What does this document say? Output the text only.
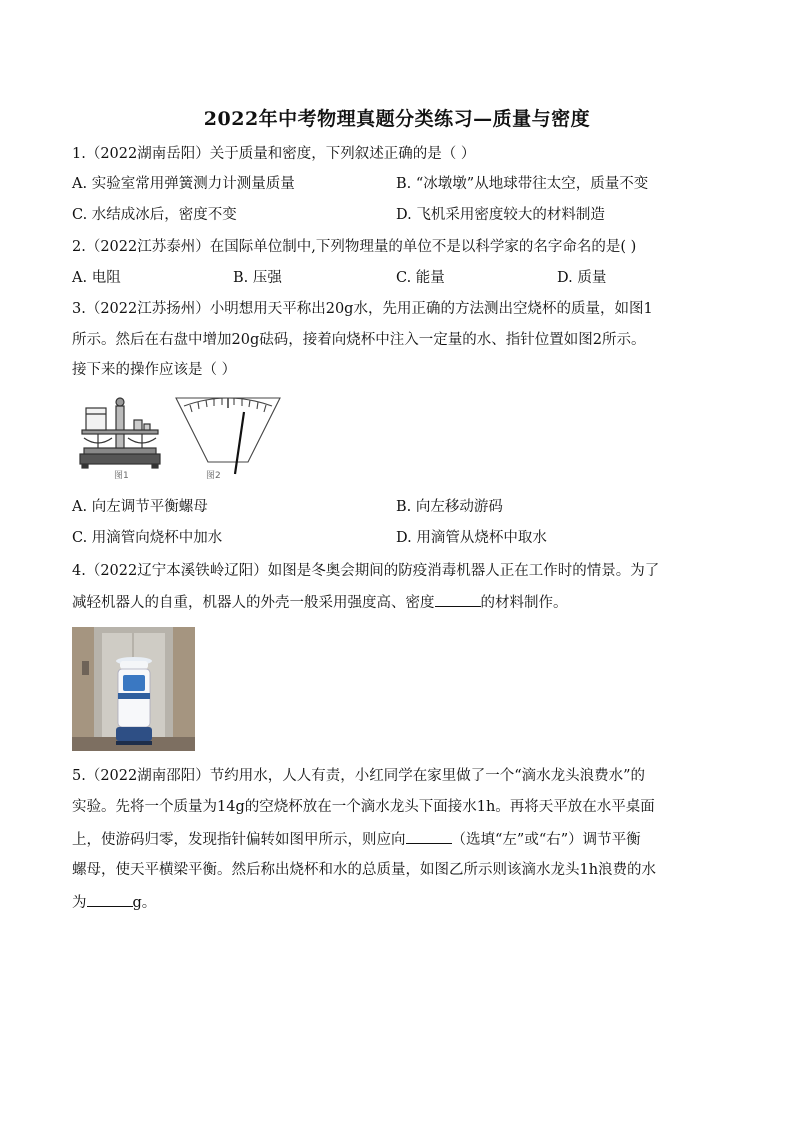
2022年中考物理真题分类练习—质量与密度
1.（2022湖南岳阳）关于质量和密度，下列叙述正确的是（ ）
A. 实验室常用弹簧测力计测量质量	B. “冰墩墩”从地球带往太空，质量不变
C. 水结成冰后，密度不变	D. 飞机采用密度较大的材料制造
2.（2022江苏泰州）在国际单位制中,下列物理量的单位不是以科学家的名字命名的是( )
A. 电阻	B. 压强	C. 能量	D. 质量
3.（2022江苏扬州）小明想用天平称出20g水，先用正确的方法测出空烧杯的质量，如图1
所示。然后在右盘中增加20g砝码，接着向烧杯中注入一定量的水、指针位置如图2所示。
接下来的操作应该是（ ）
图1	图2
A. 向左调节平衡螺母	B. 向左移动游码
C. 用滴管向烧杯中加水	D. 用滴管从烧杯中取水
4.（2022辽宁本溪铁岭辽阳）如图是冬奥会期间的防疫消毒机器人正在工作时的情景。为了
减轻机器人的自重，机器人的外壳一般采用强度高、密度	的材料制作。
5.（2022湖南邵阳）节约用水，人人有责，小红同学在家里做了一个“滴水龙头浪费水”的
实验。先将一个质量为14g的空烧杯放在一个滴水龙头下面接水1h。再将天平放在水平桌面
上，使游码归零，发现指针偏转如图甲所示，则应向	（选填“左”或“右”）调节平衡
螺母，使天平横梁平衡。然后称出烧杯和水的总质量，如图乙所示则该滴水龙头1h浪费的水
为	g。
